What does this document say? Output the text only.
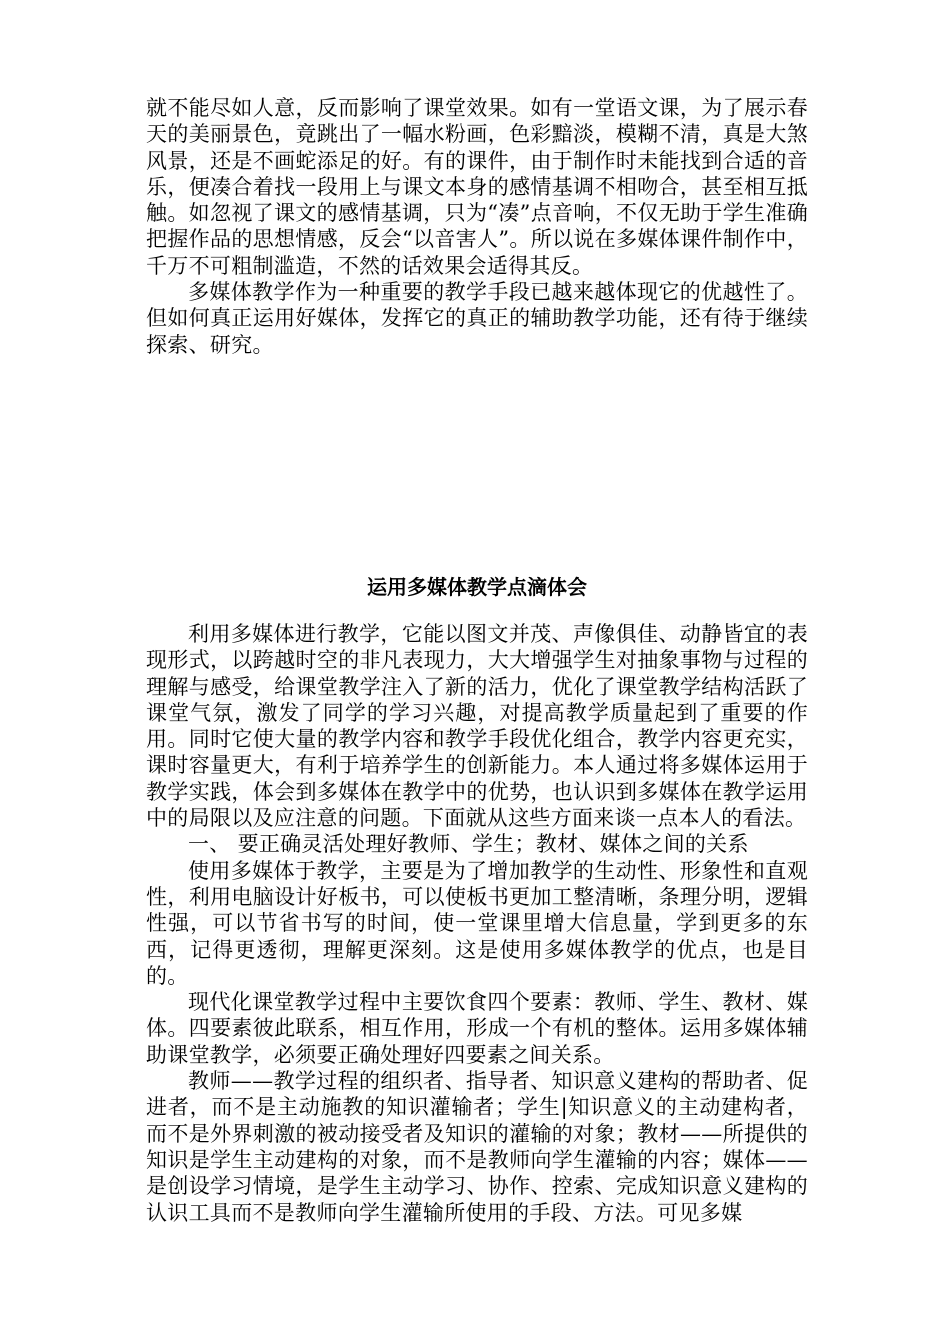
就不能尽如人意，反而影响了课堂效果。如有一堂语文课，为了展示春天的美丽景色，竟跳出了一幅水粉画，色彩黯淡，模糊不清，真是大煞风景，还是不画蛇添足的好。有的课件，由于制作时未能找到合适的音乐，便凑合着找一段用上与课文本身的感情基调不相吻合，甚至相互抵触。如忽视了课文的感情基调，只为“凑”点音响，不仅无助于学生准确把握作品的思想情感，反会“以音害人”。所以说在多媒体课件制作中，千万不可粗制滥造，不然的话效果会适得其反。

多媒体教学作为一种重要的教学手段已越来越体现它的优越性了。但如何真正运用好媒体，发挥它的真正的辅助教学功能，还有待于继续探索、研究。

运用多媒体教学点滴体会

利用多媒体进行教学，它能以图文并茂、声像俱佳、动静皆宜的表现形式，以跨越时空的非凡表现力，大大增强学生对抽象事物与过程的理解与感受，给课堂教学注入了新的活力，优化了课堂教学结构活跃了课堂气氛，激发了同学的学习兴趣，对提高教学质量起到了重要的作用。同时它使大量的教学内容和教学手段优化组合，教学内容更充实，课时容量更大，有利于培养学生的创新能力。本人通过将多媒体运用于教学实践，体会到多媒体在教学中的优势，也认识到多媒体在教学运用中的局限以及应注意的问题。下面就从这些方面来谈一点本人的看法。

一、 要正确灵活处理好教师、学生；教材、媒体之间的关系

使用多媒体于教学，主要是为了增加教学的生动性、形象性和直观性，利用电脑设计好板书，可以使板书更加工整清晰，条理分明，逻辑性强，可以节省书写的时间，使一堂课里增大信息量，学到更多的东西，记得更透彻，理解更深刻。这是使用多媒体教学的优点，也是目的。

现代化课堂教学过程中主要饮食四个要素：教师、学生、教材、媒体。四要素彼此联系，相互作用，形成一个有机的整体。运用多媒体辅助课堂教学，必须要正确处理好四要素之间关系。

教师——教学过程的组织者、指导者、知识意义建构的帮助者、促进者，而不是主动施教的知识灌输者；学生|知识意义的主动建构者，而不是外界刺激的被动接受者及知识的灌输的对象；教材——所提供的知识是学生主动建构的对象，而不是教师向学生灌输的内容；媒体——是创设学习情境，是学生主动学习、协作、控索、完成知识意义建构的认识工具而不是教师向学生灌输所使用的手段、方法。可见多媒
